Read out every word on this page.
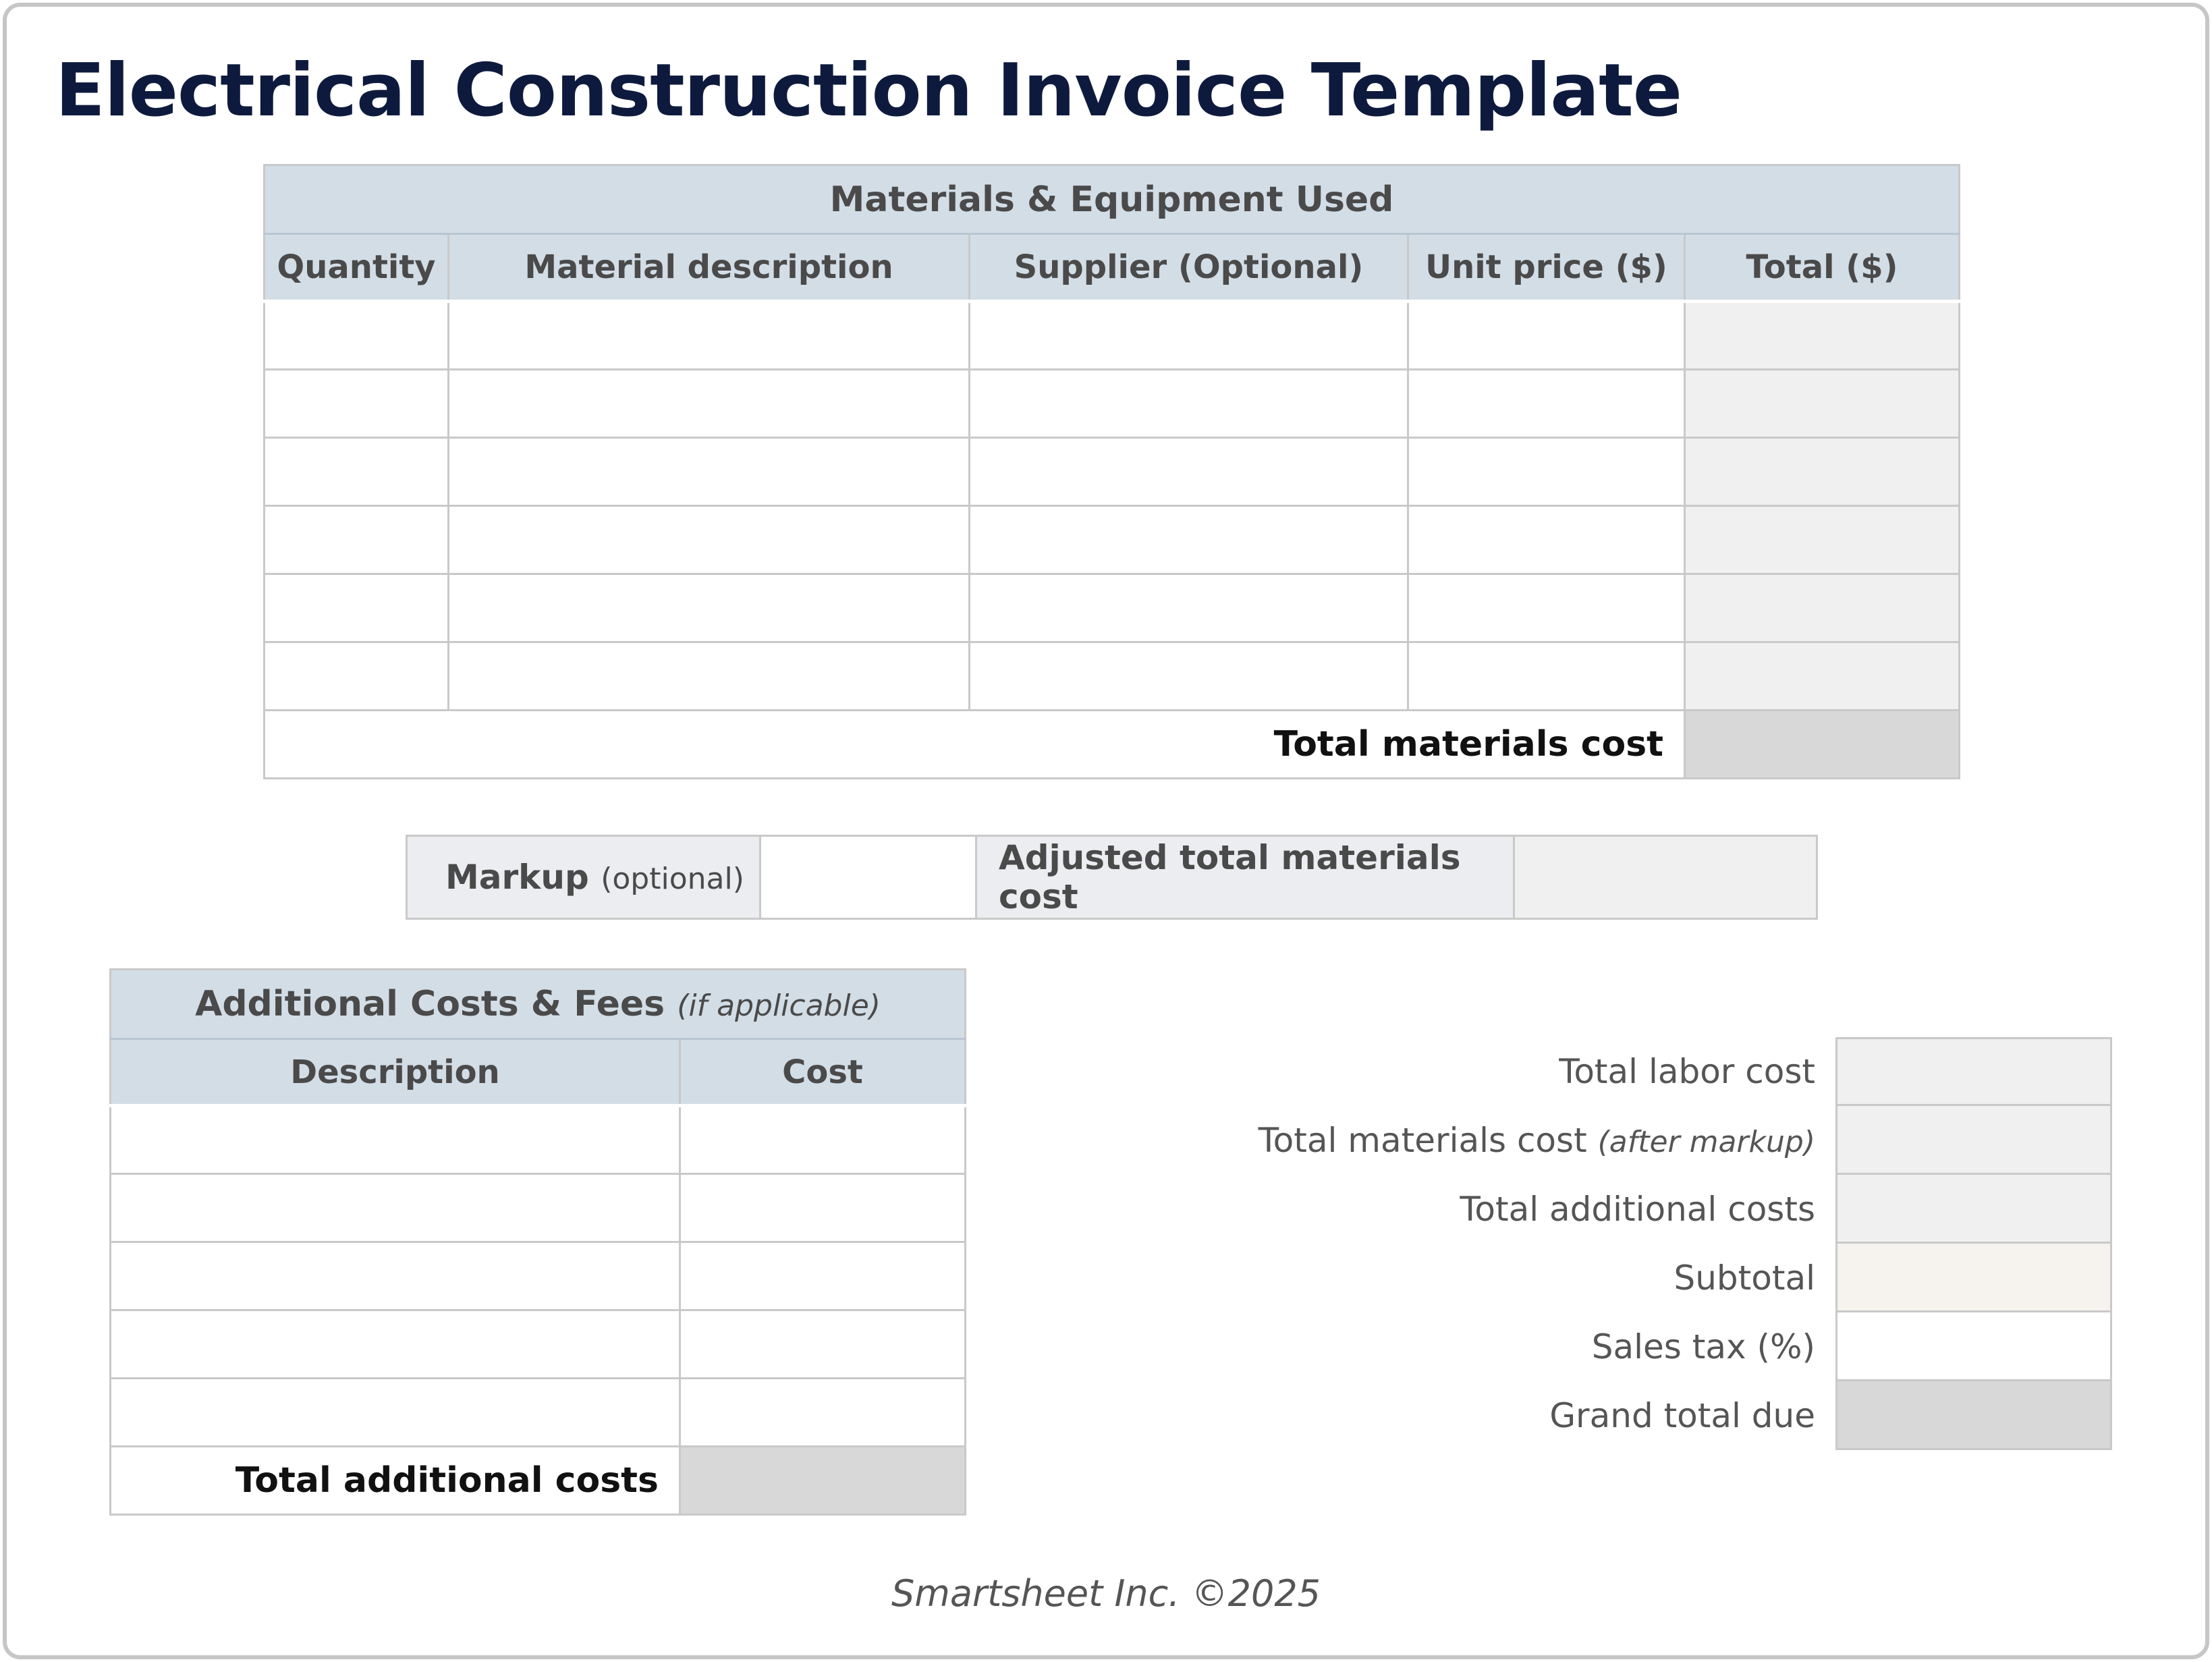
Electrical Construction Invoice Template
Materials & Equipment Used				
Quantity	Material description	Supplier (Optional)	Unit price ($)	Total ($)

Total materials cost				
Markup (optional)		Adjusted total materials cost	
Additional Costs & Fees (if applicable)	
Description	Cost

Total additional costs	
Total labor cost
Total materials cost (after markup)
Total additional costs
Subtotal
Sales tax (%)
Grand total due
Smartsheet Inc. ©2025
